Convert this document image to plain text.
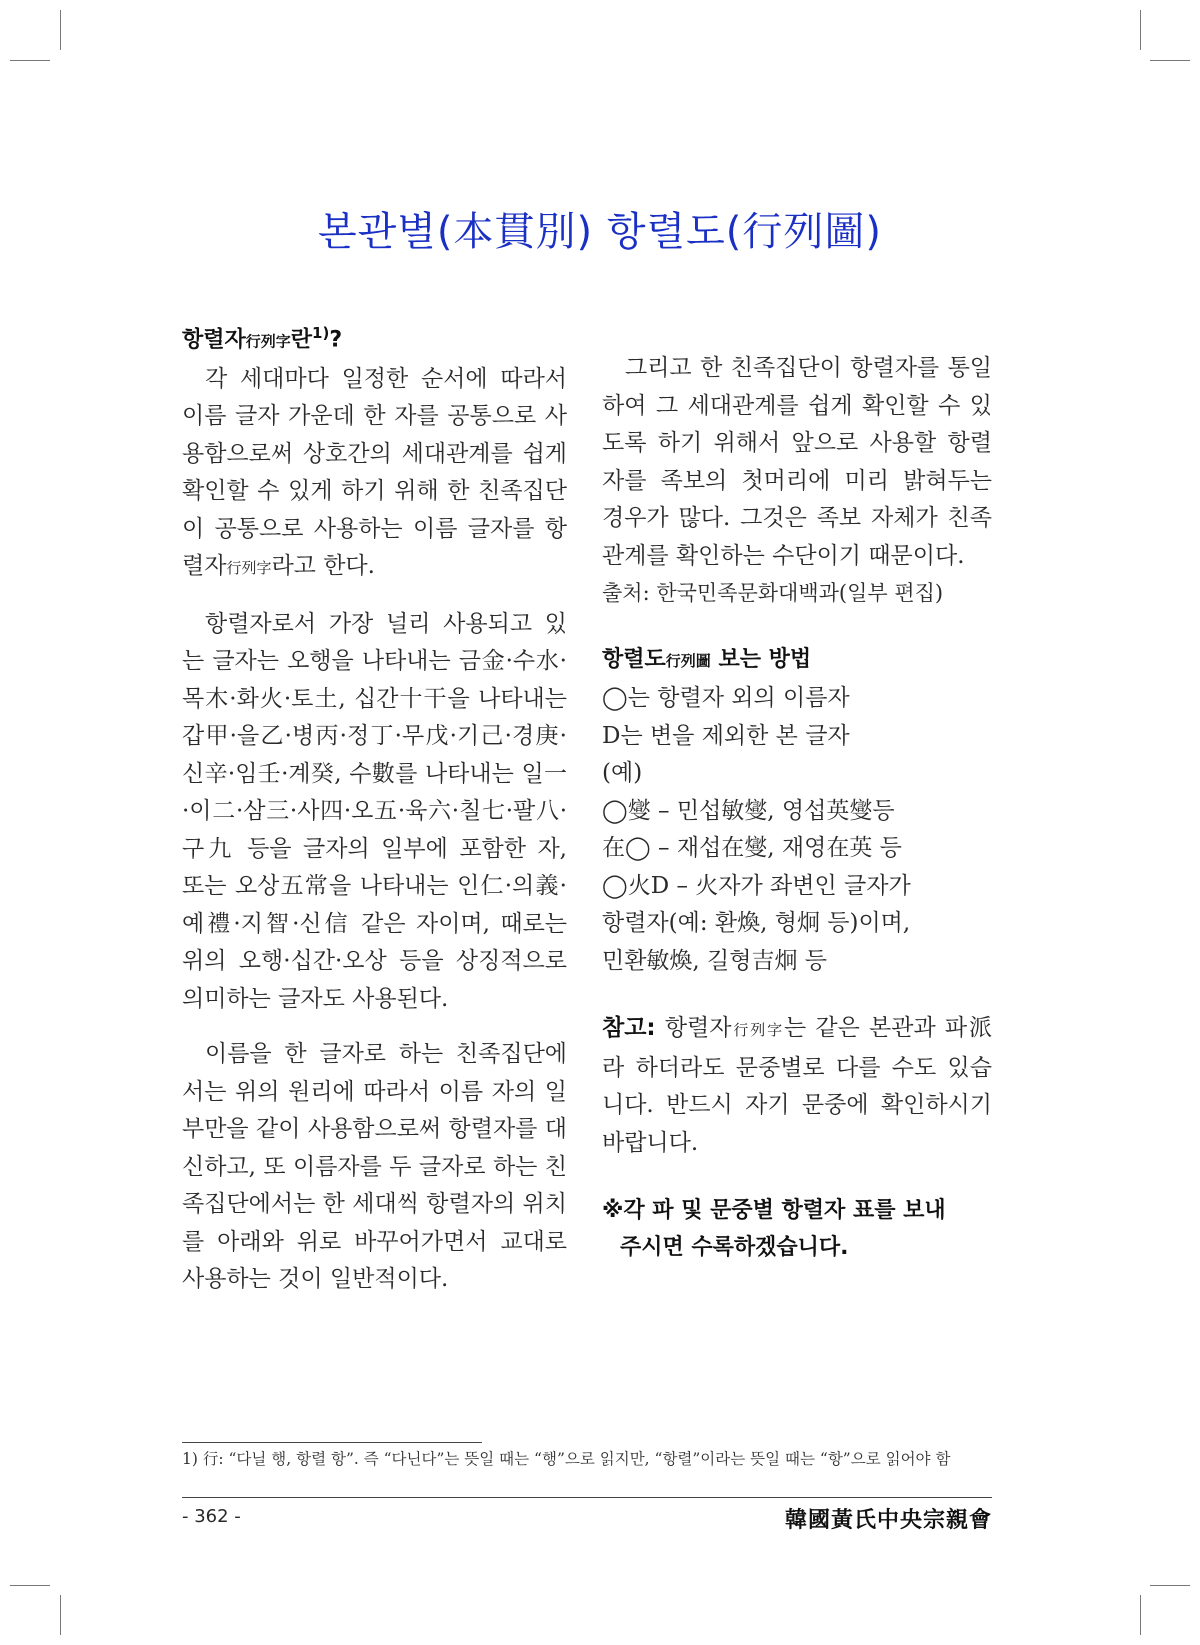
본관별(本貫別) 항렬도(行列圖)

항렬자行列字란$^{1)}$?

각 세대마다 일정한 순서에 따라서 이름 글자 가운데 한 자를 공통으로 사용함으로써 상호간의 세대관계를 쉽게 확인할 수 있게 하기 위해 한 친족집단이 공통으로 사용하는 이름 글자를 항렬자行列字라고 한다.

항렬자로서 가장 널리 사용되고 있는 글자는 오행을 나타내는 금金·수水·목木·화火·토土, 십간十干을 나타내는 갑甲·을乙·병丙·정丁·무戊·기己·경庚·신辛·임壬·계癸, 수數를 나타내는 일一·이二·삼三·사四·오五·육六·칠七·팔八·구九 등을 글자의 일부에 포함한 자, 또는 오상五常을 나타내는 인仁·의義·예禮·지智·신信 같은 자이며, 때로는 위의 오행·십간·오상 등을 상징적으로 의미하는 글자도 사용된다.

이름을 한 글자로 하는 친족집단에서는 위의 원리에 따라서 이름 자의 일부만을 같이 사용함으로써 항렬자를 대신하고, 또 이름자를 두 글자로 하는 친족집단에서는 한 세대씩 항렬자의 위치를 아래와 위로 바꾸어가면서 교대로 사용하는 것이 일반적이다.

그리고 한 친족집단이 항렬자를 통일하여 그 세대관계를 쉽게 확인할 수 있도록 하기 위해서 앞으로 사용할 항렬자를 족보의 첫머리에 미리 밝혀두는 경우가 많다. 그것은 족보 자체가 친족관계를 확인하는 수단이기 때문이다.

출처: 한국민족문화대백과(일부 편집)

항렬도行列圖 보는 방법

◯는 항렬자 외의 이름자

D는 변을 제외한 본 글자

(예)

◯燮 – 민섭敏燮, 영섭英燮등

在◯ – 재섭在燮, 재영在英 등

◯火D – 火자가 좌변인 글자가

항렬자(예: 환煥, 형炯 등)이며,

민환敏煥, 길형吉炯 등

참고: 항렬자行列字는 같은 본관과 파派라 하더라도 문중별로 다를 수도 있습니다. 반드시 자기 문중에 확인하시기 바랍니다.

※각 파 및 문중별 항렬자 표를 보내

주시면 수록하겠습니다.

1) 行: “다닐 행, 항렬 항”. 즉 “다닌다”는 뜻일 때는 “행”으로 읽지만, “항렬”이라는 뜻일 때는 “항”으로 읽어야 함
- 362 -	韓國黃氏中央宗親會
